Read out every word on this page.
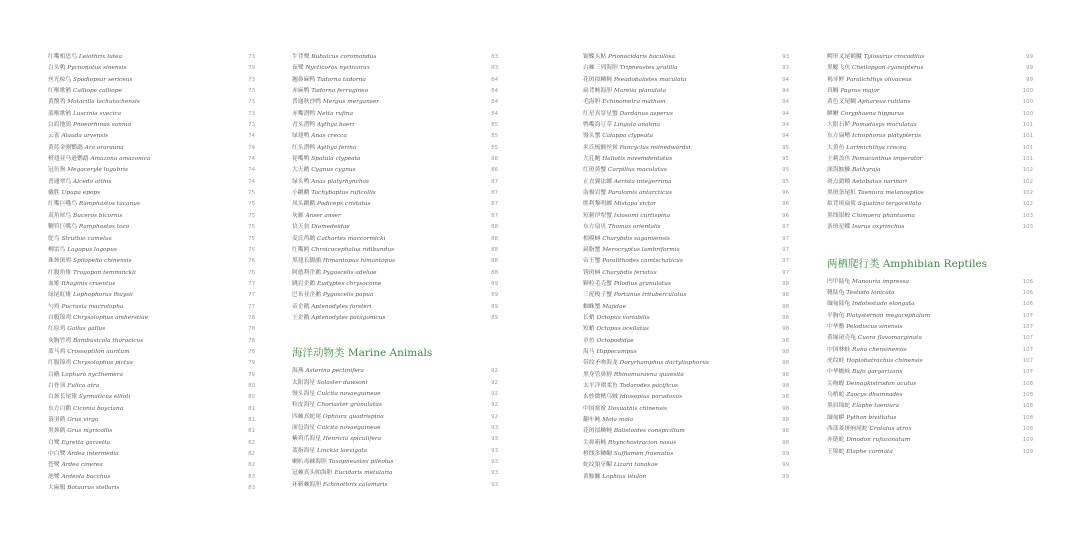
红嘴相思鸟 Leiothrix lutea	73
白头鹎 Pycnonotus sinensis	73
丝光椋鸟 Spodiopsar sericeus	73
红喉歌鸲 Calliope calliope	73
黄鹡鸰 Motacilla tschutschensis	73
蓝喉歌鸲 Luscinia svecica	73
白眉地鸫 Pnoeorhinus sannio	73
云雀 Alauda arvensis	74
黄蓝金刚鹦鹉 Ara ararauna	74
橙翅亚马逊鹦鹉 Amazona amazonica	74
冠鱼狗 Megaceryle lugubris	74
普通翠鸟 Alcedo atthis	74
戴胜 Upupa epops	75
红嘴巨嘴鸟 Ramphastos tucanus	75
双角犀鸟 Buceros bicornis	75
鞭笞巨嘴鸟 Ramphastos toco	75
鸵鸟 Struthio camelus	75
柳雷鸟 Lagopus lagopus	75
珠颈斑鸠 Spilopelia chinensis	76
红腹角雉 Tragopan temminckii	76
血雉 Ithaginis cruentus	77
绿尾虹雉 Lophophorus lhuysii	77
勺鸡 Pucrasia macrolopha	77
白腹锦鸡 Chrysolophus amherstiae	78
红原鸡 Gallus gallus	78
灰胸竹鸡 Bambusicola thoracicus	78
蓝马鸡 Crossoptilon auritum	78
红腹锦鸡 Chrysolophus pictus	79
白鹇 Lophura nycthemera	79
白骨顶 Fulica atra	80
白颈长尾雉 Syrmaticus ellioti	80
东方白鹳 Ciconia boyciana	81
蓑羽鹤 Grus virgo	81
黑颈鹤 Grus nigricollis	81
白鹭 Egretta garzetta	82
中白鹭 Ardea intermedia	82
苍鹭 Ardea cinerea	82
池鹭 Ardeola bacchus	83
大麻鳽 Botaurus stellaris	83
牛背鹭 Bubulcus coromandus	83
夜鹭 Nycticorax nycticorax	83
翘鼻麻鸭 Tadorna tadorna	84
赤麻鸭 Tadorna ferruginea	84
普通秋沙鸭 Mergus merganser	84
赤嘴潜鸭 Netta rufina	84
青头潜鸭 Aythya baeri	85
绿翅鸭 Anas crecca	85
红头潜鸭 Aythya ferina	85
琵嘴鸭 Spatula clypeata	86
大天鹅 Cygnus cygnus	86
绿头鸭 Anas platyrhynchos	87
小䴙䴘 Tachybaptus ruficollis	87
凤头䴙䴘 Podiceps cristatus	87
灰雁 Anser anser	87
信天翁 Diomedeidae	88
麦氏鸬鹚 Cathartes maccormicki	88
红嘴鸥 Chroicocephalus ridibundus	88
黑翅长脚鹬 Himantopus himantopus	88
阿德利企鹅 Pygoscelis adeliae	88
跳岩企鹅 Eudyptes chrysocome	89
巴布亚企鹅 Pygoscelis papua	89
帝企鹅 Aptenodytes forsteri	89
王企鹅 Aptenodytes patagonicus	89
海洋动物类 Marine Animals
海燕 Asterina pectinifera	92
太阳海星 Solaster dawsoni	92
馒头海星 Culcita novaeguineae	92
粒皮海星 Choriaster granulatus	92
四棘真蛇尾 Ophiura quadrispina	92
面包海星 Culcita novaeguineae	93
紫鸡爪海星 Henricia spiculifera	93
蓝指海星 Linckia laevigata	93
喇叭毒棘海胆 Toxopneustes pileolus	93
冠棘真头帕海胆 Eucidaris metularia	93
环刺棘海胆 Echinothrix calamaris	93
锯蝶头鲇 Prionocidaris baculosa	93
白棘三列海胆 Tripneustes gratilla	93
花斑拟鳞鲀 Pseudobalistes maculata	94
扁背鲀海胆 Mareiia planulata	94
毛海胆 Echinometra mathaei	94
红星真穿星蟹 Dardanus asperus	94
鸭嘴海豆芽 Lingula anatina	94
馒头蟹 Calappa clypeata	94
米氏梳额丝鲎 Pancyclus milnedwardsi	95
九孔鲍 Haliotis novemdentatus	95
红斑黄蟹 Carpilius maculatus	95
正直翼法螺 Aerista integerrima	95
南极岩蟹 Paralomis antarcticus	96
胜利黎明螺 Mistapa victor	96
短刺伊犁蟹 Ixiosomi curtispina	96
东方扇贝 Thomas orientalis	97
相模蟳 Charybdis sagamiensis	97
扁脂蟹 Merocryptus lambriformis	97
帝王蟹 Paralithodes camtschaticus	97
锈斑蟳 Charybdis feriatus	97
颗粒毛壳蟹 Pilodius granulatus	98
三疣梭子蟹 Portunus trituberculatus	98
蜘蛛蟹 Majidae	98
长蛸 Octopus variabilis	98
短蛸 Octopus ocellatus	98
章鱼 Octopodidae	98
海马 Hippocampus	98
带纹矛吻海龙 Doryrhamphus dactyliophorus	98
黑身管鼻鯙 Rhinomuraena quaesita	98
太平洋褶柔鱼 Todarodes pacificus	98
玄妙微鳍乌贼 Idiosepius paradoxus	98
中国鲎鲎 Doxuathis chinensis	98
翻车鲀 Mola mola	98
花斑拟鳞鲀 Balistoides conspicillum	98
尖鼻箱鲀 Rhynchostracion nasus	98
橙线多鳞鳚 Sufflamen fraenatus	99
蛇纹狼牙鳚 Lizarii tanakae	99
黄鮟鱇 Lophius litulon	99
鳄形叉尾鹤鱵 Tylosurus crocodilus	99
黑鳃飞鱼 Cheilopgon cyanopterus	99
褐牙鲆 Paralichthys olivaceus	99
真鲷 Pagrus major	100
黄色叉尾鲷 Aphareus rutilans	100
鲯鳅 Coryphaena hippurus	100
大眼石鲈 Pomadasys maculatus	101
东方扁鳍 Ictiophorus platypterus	101
大黄鱼 Larimichthys crocea	101
主刺盖鱼 Pomacanthus imperator	101
深海鮟鱇 Bathyraja	102
斑点鹞鲼 Aetobatus narinari	102
黑斑条尾魟 Taeniura melanospilos	102
拟背斑扁鲨 Squatina tergocellata	102
黑线银鲛 Chimaera phantasma	103
条斑星鲽 Isurus oxyrinchus	103
两栖爬行类 Amphibian Reptiles
凹甲陆龟 Manouria impressa	106
靴陆龟 Testudo lonicata	106
缅甸陆龟 Indotestudo elongata	106
平胸龟 Platysternon megacephalum	107
中华鳖 Pelodiscus sinensis	107
黄缘闭壳龟 Cuora flavomarginata	107
中国林蛙 Rana chensinensis	107
虎纹蛙 Hoplobatrachus chinensis	107
中华蟾蜍 Bufo gargarizans	107
尖吻蝮 Deinagkistrodon acutus	108
乌梢蛇 Zaocys dhumnades	108
黑眉锦蛇 Elaphe taeniura	108
缅甸蟒 Python bivittatus	108
西部菱斑响尾蛇 Crotalus atrox	108
赤链蛇 Dinodon rufozonatum	109
王锦蛇 Elaphe carinata	109
